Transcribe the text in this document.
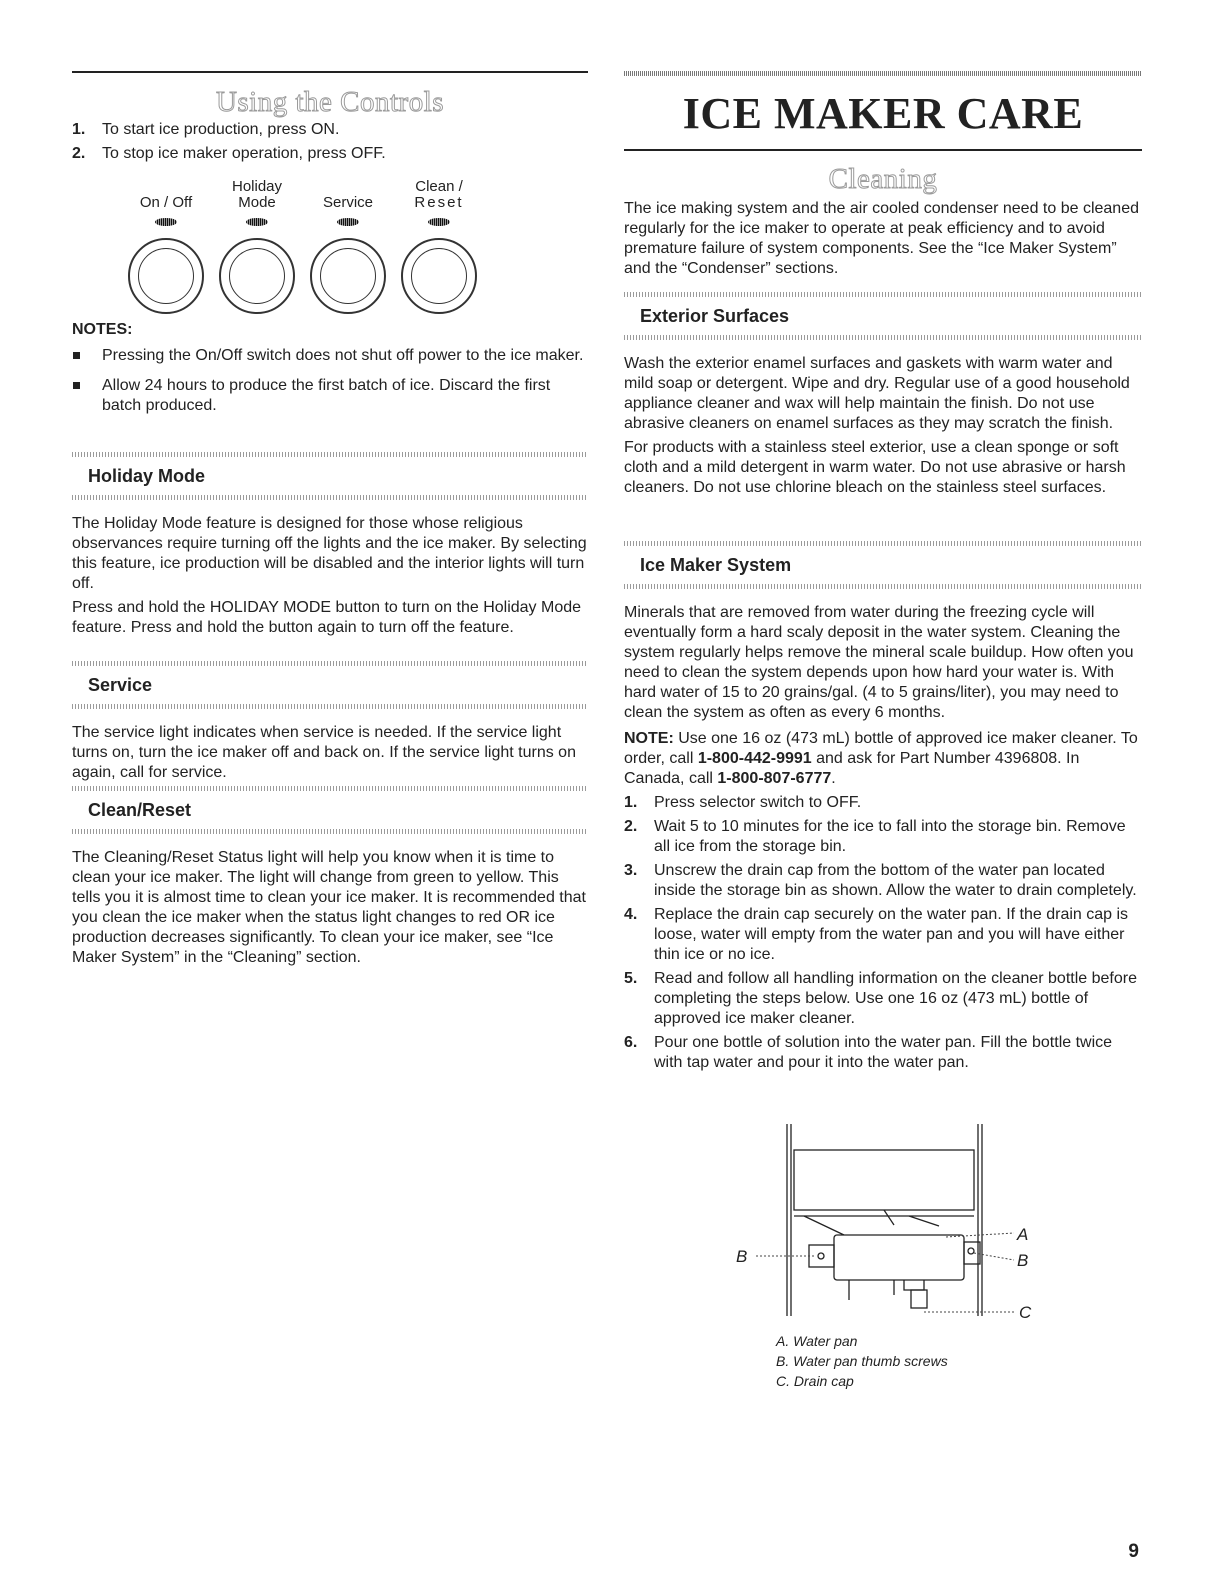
Using the Controls
1. To start ice production, press ON.
2. To stop ice maker operation, press OFF.
On / Off
Holiday
Mode	Service
Clean /
Reset
NOTES:
Pressing the On/Off switch does not shut off power to the ice maker.
Allow 24 hours to produce the first batch of ice. Discard the first batch produced.
Holiday Mode

The Holiday Mode feature is designed for those whose religious observances require turning off the lights and the ice maker. By selecting this feature, ice production will be disabled and the interior lights will turn off.

Press and hold the HOLIDAY MODE button to turn on the Holiday Mode feature. Press and hold the button again to turn off the feature.

Service

The service light indicates when service is needed. If the service light turns on, turn the ice maker off and back on. If the service light turns on again, call for service.

Clean/Reset

The Cleaning/Reset Status light will help you know when it is time to clean your ice maker. The light will change from green to yellow. This tells you it is almost time to clean your ice maker. It is recommended that you clean the ice maker when the status light changes to red OR ice production decreases significantly. To clean your ice maker, see “Ice Maker System” in the “Cleaning” section.

ICE MAKER CARE
Cleaning

The ice making system and the air cooled condenser need to be cleaned regularly for the ice maker to operate at peak efficiency and to avoid premature failure of system components. See the “Ice Maker System” and the “Condenser” sections.

Exterior Surfaces

Wash the exterior enamel surfaces and gaskets with warm water and mild soap or detergent. Wipe and dry. Regular use of a good household appliance cleaner and wax will help maintain the finish. Do not use abrasive cleaners on enamel surfaces as they may scratch the finish.

For products with a stainless steel exterior, use a clean sponge or soft cloth and a mild detergent in warm water. Do not use abrasive or harsh cleaners. Do not use chlorine bleach on the stainless steel surfaces.

Ice Maker System

Minerals that are removed from water during the freezing cycle will eventually form a hard scaly deposit in the water system. Cleaning the system regularly helps remove the mineral scale buildup. How often you need to clean the system depends upon how hard your water is. With hard water of 15 to 20 grains/gal. (4 to 5 grains/liter), you may need to clean the system as often as every 6 months.

NOTE: Use one 16 oz (473 mL) bottle of approved ice maker cleaner. To order, call 1-800-442-9991 and ask for Part Number 4396808. In Canada, call 1-800-807-6777.

1. Press selector switch to OFF.
2. Wait 5 to 10 minutes for the ice to fall into the storage bin. Remove all ice from the storage bin.
3. Unscrew the drain cap from the bottom of the water pan located inside the storage bin as shown. Allow the water to drain completely.
4. Replace the drain cap securely on the water pan. If the drain cap is loose, water will empty from the water pan and you will have either thin ice or no ice.
5. Read and follow all handling information on the cleaner bottle before completing the steps below. Use one 16 oz (473 mL) bottle of approved ice maker cleaner.
6. Pour one bottle of solution into the water pan. Fill the bottle twice with tap water and pour it into the water pan.
A
B	B
C
A. Water pan
B. Water pan thumb screws
C. Drain cap
9
